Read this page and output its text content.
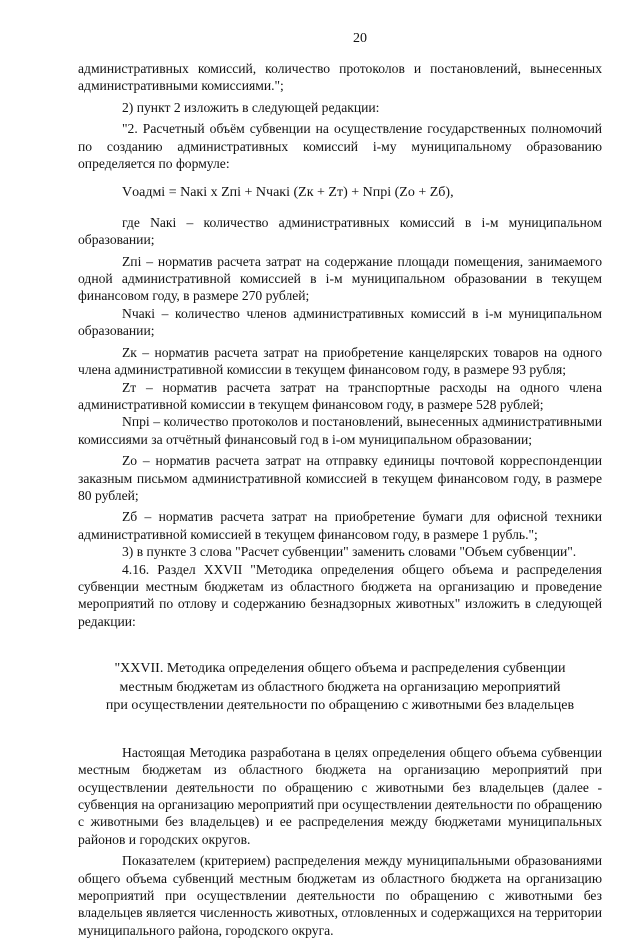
20

административных комиссий, количество протоколов и постановлений, вынесенных административными комиссиями.";

2) пункт 2 изложить в следующей редакции:

"2. Расчетный объём субвенции на осуществление государственных полномочий по созданию административных комиссий i-му муниципальному образованию определяется по формуле:

Vоадмі = Nакі x Zпі + Nчакі (Zк + Zт) + Nпрі (Zо + Zб),

где Nакі – количество административных комиссий в і-м муниципальном образовании;

Zпі – норматив расчета затрат на содержание площади помещения, занимаемого одной административной комиссией в і-м муниципальном образовании в текущем финансовом году, в размере 270 рублей;

Nчакі – количество членов административных комиссий в і-м муниципальном образовании;

Zк – норматив расчета затрат на приобретение канцелярских товаров на одного члена административной комиссии в текущем финансовом году, в размере 93 рубля;

Zт – норматив расчета затрат на транспортные расходы на одного члена административной комиссии в текущем финансовом году, в размере 528 рублей;

Nпрі – количество протоколов и постановлений, вынесенных административными комиссиями за отчётный финансовый год в і-ом муниципальном образовании;

Zо – норматив расчета затрат на отправку единицы почтовой корреспонденции заказным письмом административной комиссией в текущем финансовом году, в размере 80 рублей;

Zб – норматив расчета затрат на приобретение бумаги для офисной техники административной комиссией в текущем финансовом году, в размере 1 рубль.";

3) в пункте 3 слова "Расчет субвенции" заменить словами "Объем субвенции".

4.16. Раздел XXVII "Методика определения общего объема и распределения субвенции местным бюджетам из областного бюджета на организацию и проведение мероприятий по отлову и содержанию безнадзорных животных" изложить в следующей редакции:

"XXVII. Методика определения общего объема и распределения субвенции

местным бюджетам из областного бюджета на организацию мероприятий

при осуществлении деятельности по обращению с животными без владельцев

Настоящая Методика разработана в целях определения общего объема субвенции местным бюджетам из областного бюджета на организацию мероприятий при осуществлении деятельности по обращению с животными без владельцев (далее - субвенция на организацию мероприятий при осуществлении деятельности по обращению с животными без владельцев) и ее распределения между бюджетами муниципальных районов и городских округов.

Показателем (критерием) распределения между муниципальными образованиями общего объема субвенций местным бюджетам из областного бюджета на организацию мероприятий при осуществлении деятельности по обращению с животными без владельцев является численность животных, отловленных и содержащихся на территории муниципального района, городского округа.
